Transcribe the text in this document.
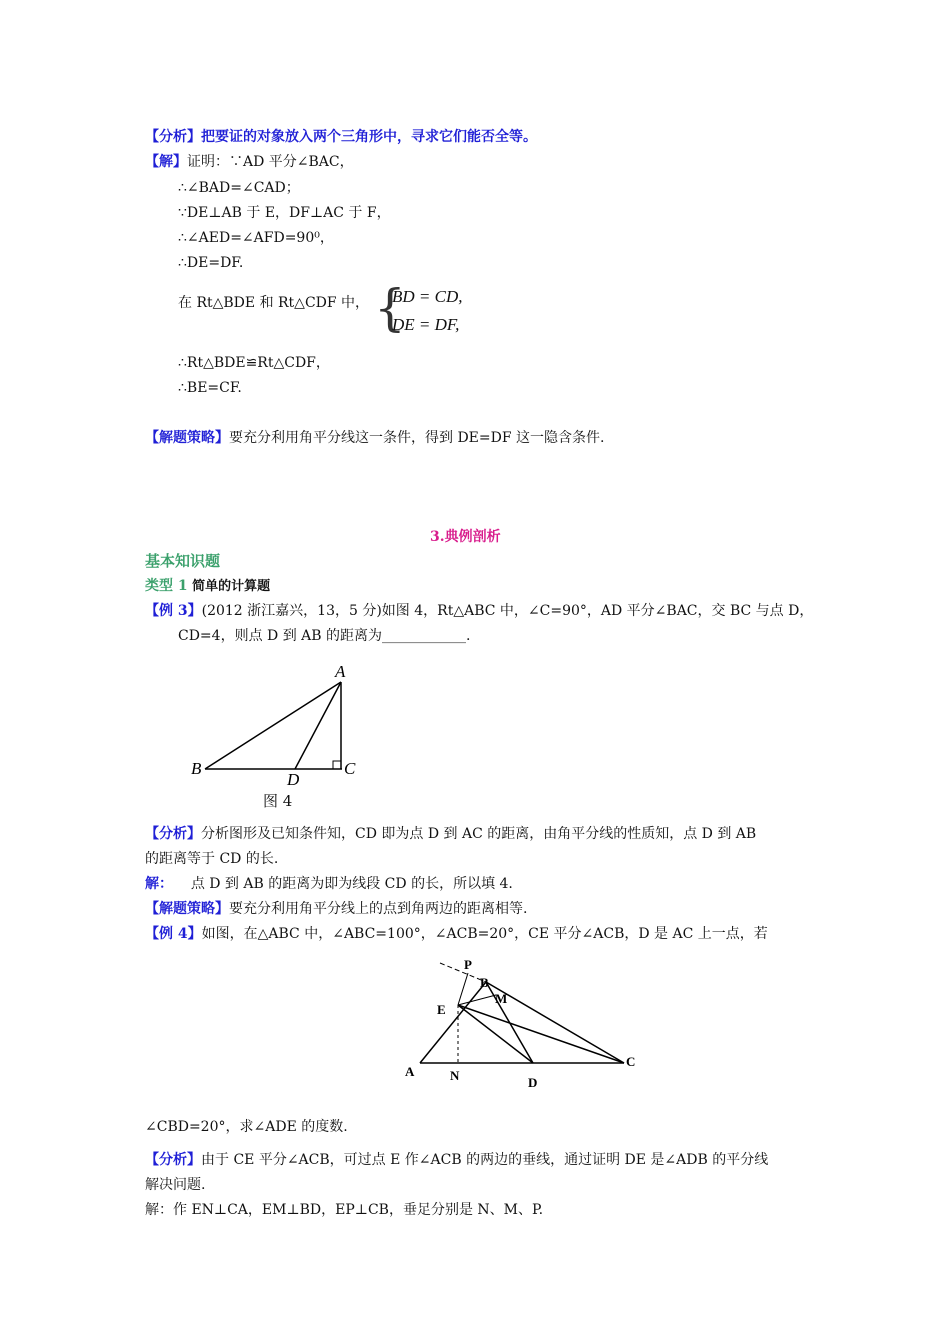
【分析】把要证的对象放入两个三角形中，寻求它们能否全等。
【解】证明：∵AD 平分∠BAC，
∴∠BAD=∠CAD；
∵DE⊥AB 于 E，DF⊥AC 于 F，
∴∠AED=∠AFD=90⁰，
∴DE=DF.
在 Rt△BDE 和 Rt△CDF 中， {
BD = CD,
DE = DF,
∴Rt△BDE≌Rt△CDF，
∴BE=CF.
【解题策略】要充分利用角平分线这一条件，得到 DE=DF 这一隐含条件.
3.典例剖析
基本知识题
类型 1 简单的计算题
【例 3】(2012 浙江嘉兴，13，5 分)如图 4，Rt△ABC 中，∠C=90°，AD 平分∠BAC，交 BC 与点 D，
CD=4，则点 D 到 AB 的距离为____________.
A
B	C
D
图 4
【分析】分析图形及已知条件知，CD 即为点 D 到 AC 的距离，由角平分线的性质知，点 D 到 AB
的距离等于 CD 的长.
解： 点 D 到 AB 的距离为即为线段 CD 的长，所以填 4.
【解题策略】要充分利用角平分线上的点到角两边的距离相等.
【例 4】如图，在△ABC 中，∠ABC=100°，∠ACB=20°，CE 平分∠ACB，D 是 AC 上一点，若
P
B
M
E
A	N	D
C
∠CBD=20°，求∠ADE 的度数.
【分析】由于 CE 平分∠ACB，可过点 E 作∠ACB 的两边的垂线，通过证明 DE 是∠ADB 的平分线
解决问题.
解：作 EN⊥CA，EM⊥BD，EP⊥CB，垂足分别是 N、M、P.
